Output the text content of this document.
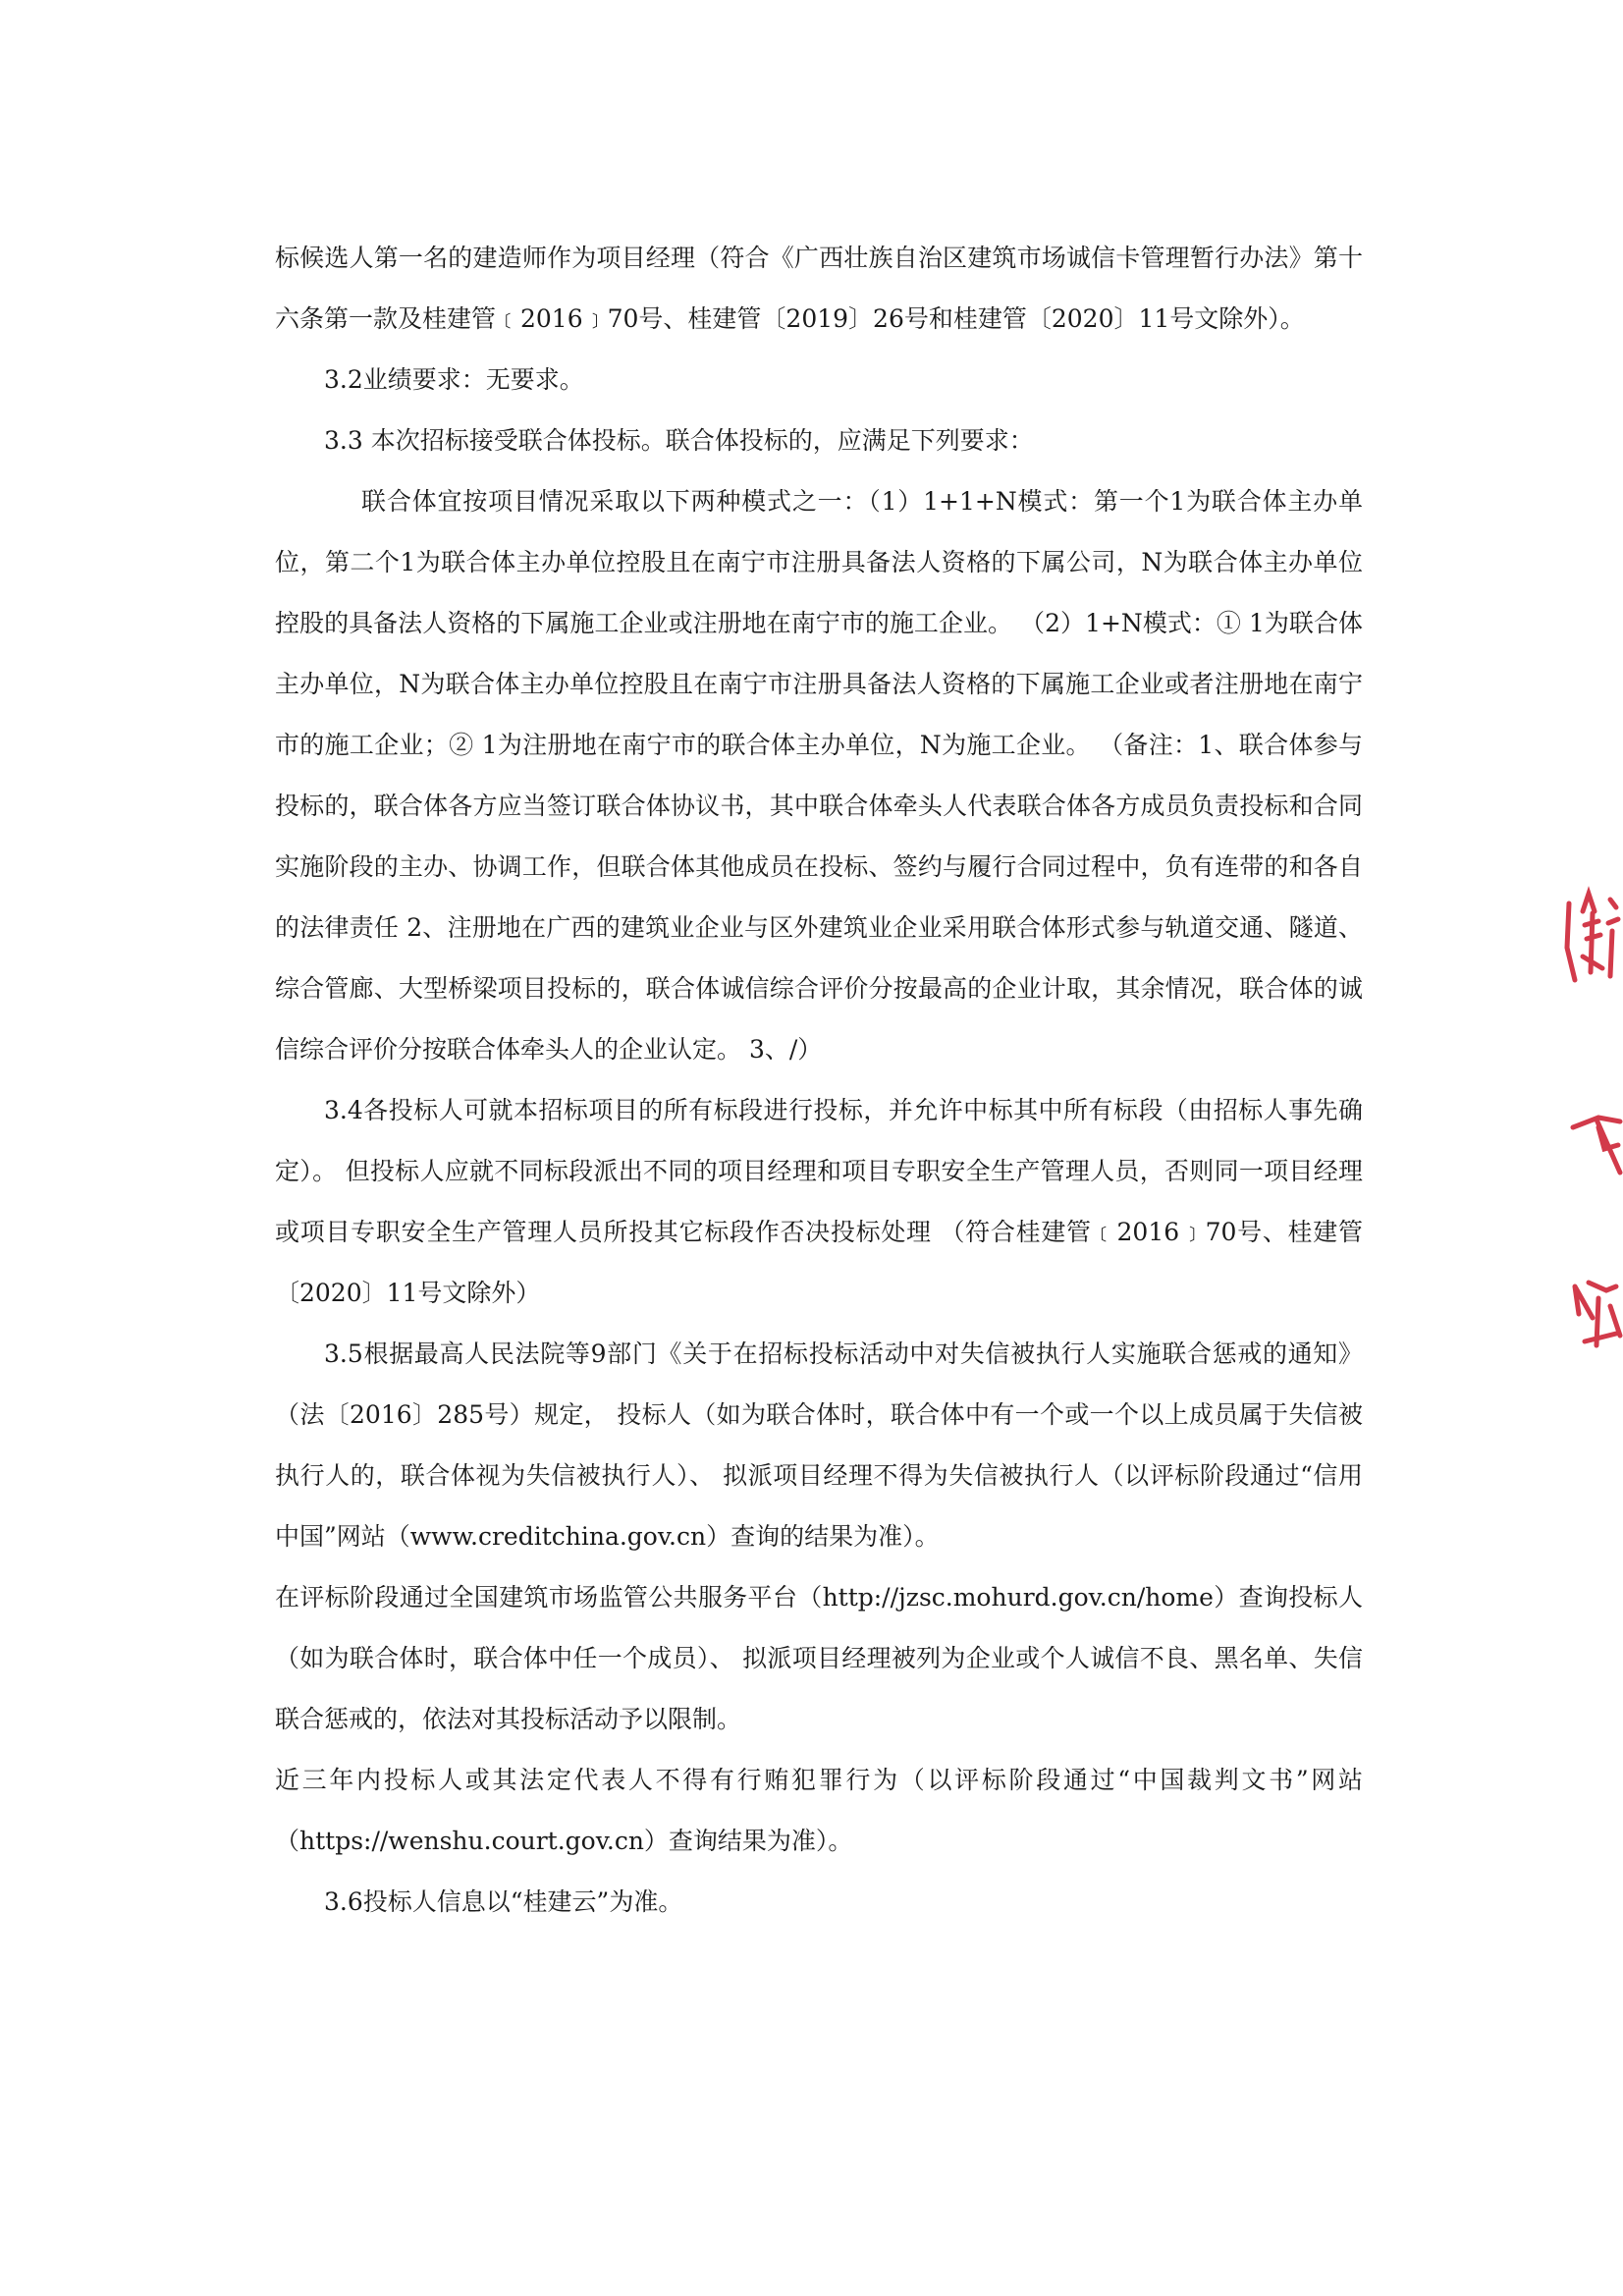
标候选人第一名的建造师作为项目经理（符合《广西壮族自治区建筑市场诚信卡管理暂行办法》第十六条第一款及桂建管﹝2016﹞70号、桂建管〔2019〕26号和桂建管〔2020〕11号文除外）。

3.2业绩要求：无要求。

3.3 本次招标接受联合体投标。联合体投标的，应满足下列要求：

联合体宜按项目情况采取以下两种模式之一：（1）1+1+N模式：第一个1为联合体主办单位，第二个1为联合体主办单位控股且在南宁市注册具备法人资格的下属公司，N为联合体主办单位控股的具备法人资格的下属施工企业或注册地在南宁市的施工企业。 （2）1+N模式：① 1为联合体主办单位，N为联合体主办单位控股且在南宁市注册具备法人资格的下属施工企业或者注册地在南宁市的施工企业；② 1为注册地在南宁市的联合体主办单位，N为施工企业。 （备注：1、联合体参与投标的，联合体各方应当签订联合体协议书，其中联合体牵头人代表联合体各方成员负责投标和合同实施阶段的主办、协调工作，但联合体其他成员在投标、签约与履行合同过程中，负有连带的和各自的法律责任 2、注册地在广西的建筑业企业与区外建筑业企业采用联合体形式参与轨道交通、隧道、综合管廊、大型桥梁项目投标的，联合体诚信综合评价分按最高的企业计取，其余情况，联合体的诚信综合评价分按联合体牵头人的企业认定。 3、/）

3.4各投标人可就本招标项目的所有标段进行投标，并允许中标其中所有标段（由招标人事先确定）。 但投标人应就不同标段派出不同的项目经理和项目专职安全生产管理人员，否则同一项目经理或项目专职安全生产管理人员所投其它标段作否决投标处理 （符合桂建管﹝2016﹞70号、桂建管〔2020〕11号文除外）

3.5根据最高人民法院等9部门《关于在招标投标活动中对失信被执行人实施联合惩戒的通知》（法〔2016〕285号）规定， 投标人（如为联合体时，联合体中有一个或一个以上成员属于失信被执行人的，联合体视为失信被执行人）、 拟派项目经理不得为失信被执行人（以评标阶段通过“信用中国”网站（www.creditchina.gov.cn）查询的结果为准）。

在评标阶段通过全国建筑市场监管公共服务平台（http://jzsc.mohurd.gov.cn/home）查询投标人（如为联合体时，联合体中任一个成员）、 拟派项目经理被列为企业或个人诚信不良、黑名单、失信联合惩戒的，依法对其投标活动予以限制。

近三年内投标人或其法定代表人不得有行贿犯罪行为（以评标阶段通过“中国裁判文书”网站（https://wenshu.court.gov.cn）查询结果为准）。

3.6投标人信息以“桂建云”为准。
